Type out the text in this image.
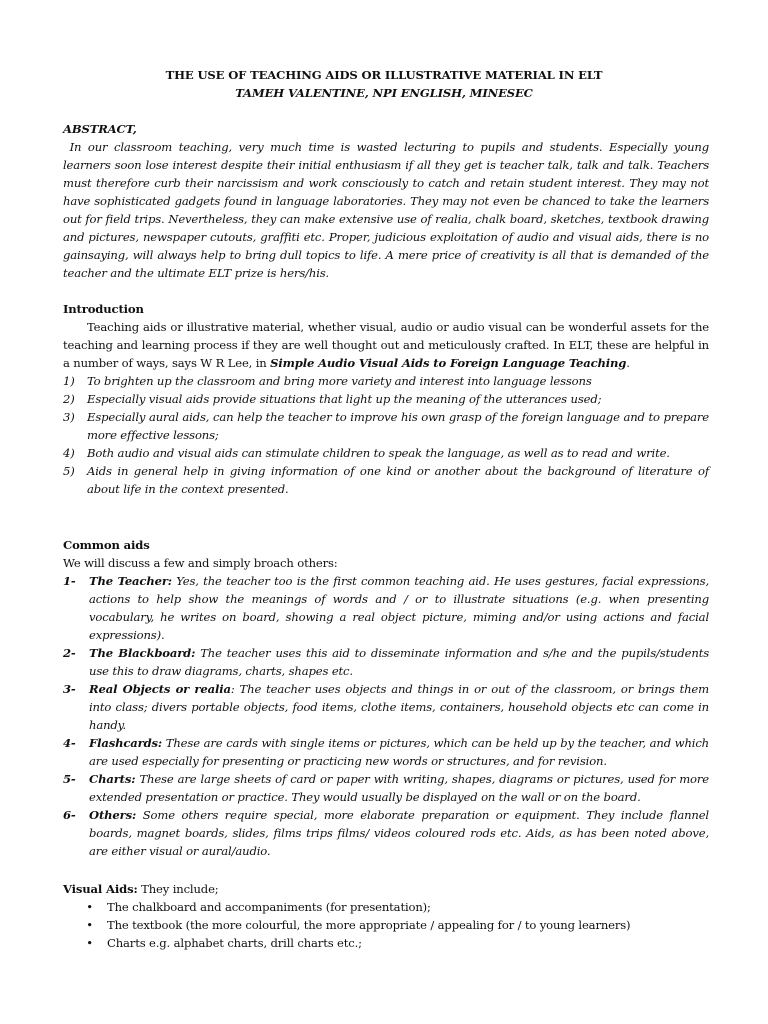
THE USE OF TEACHING AIDS OR ILLUSTRATIVE MATERIAL IN ELT
TAMEH VALENTINE, NPI ENGLISH, MINESEC
ABSTRACT,
In our classroom teaching, very much time is wasted lecturing to pupils and students. Especially young learners soon lose interest despite their initial enthusiasm if all they get is teacher talk, talk and talk. Teachers must therefore curb their narcissism and work consciously to catch and retain student interest. They may not have sophisticated gadgets found in language laboratories. They may not even be chanced to take the learners out for field trips. Nevertheless, they can make extensive use of realia, chalk board, sketches, textbook drawing and pictures, newspaper cutouts, graffiti etc. Proper, judicious exploitation of audio and visual aids, there is no gainsaying, will always help to bring dull topics to life. A mere price of creativity is all that is demanded of the teacher and the ultimate ELT prize is hers/his.
Introduction
Teaching aids or illustrative material, whether visual, audio or audio visual can be wonderful assets for the teaching and learning process if they are well thought out and meticulously crafted. In ELT, these are helpful in a number of ways, says W R Lee, in Simple Audio Visual Aids to Foreign Language Teaching.
1)	To brighten up the classroom and bring more variety and interest into language lessons
2)	Especially visual aids provide situations that light up the meaning of the utterances used;
3)	Especially aural aids, can help the teacher to improve his own grasp of the foreign language and to prepare more effective lessons;
4)	Both audio and visual aids can stimulate children to speak the language, as well as to read and write.
5)	Aids in general help in giving information of one kind or another about the background of literature of about life in the context presented.
Common aids
We will discuss a few and simply broach others:
1-	The Teacher: Yes, the teacher too is the first common teaching aid. He uses gestures, facial expressions, actions to help show the meanings of words and / or to illustrate situations (e.g. when presenting vocabulary, he writes on board, showing a real object picture, miming and/or using actions and facial expressions).
2-	The Blackboard: The teacher uses this aid to disseminate information and s/he and the pupils/students use this to draw diagrams, charts, shapes etc.
3-	Real Objects or realia: The teacher uses objects and things in or out of the classroom, or brings them into class; divers portable objects, food items, clothe items, containers, household objects etc can come in handy.
4-	Flashcards: These are cards with single items or pictures, which can be held up by the teacher, and which are used especially for presenting or practicing new words or structures, and for revision.
5-	Charts: These are large sheets of card or paper with writing, shapes, diagrams or pictures, used for more extended presentation or practice. They would usually be displayed on the wall or on the board.
6-	Others: Some others require special, more elaborate preparation or equipment. They include flannel boards, magnet boards, slides, films trips films/ videos coloured rods etc. Aids, as has been noted above, are either visual or aural/audio.
Visual Aids: They include;
•	The chalkboard and accompaniments (for presentation);
•	The textbook (the more colourful, the more appropriate / appealing for / to young learners)
•	Charts e.g. alphabet charts, drill charts etc.;
